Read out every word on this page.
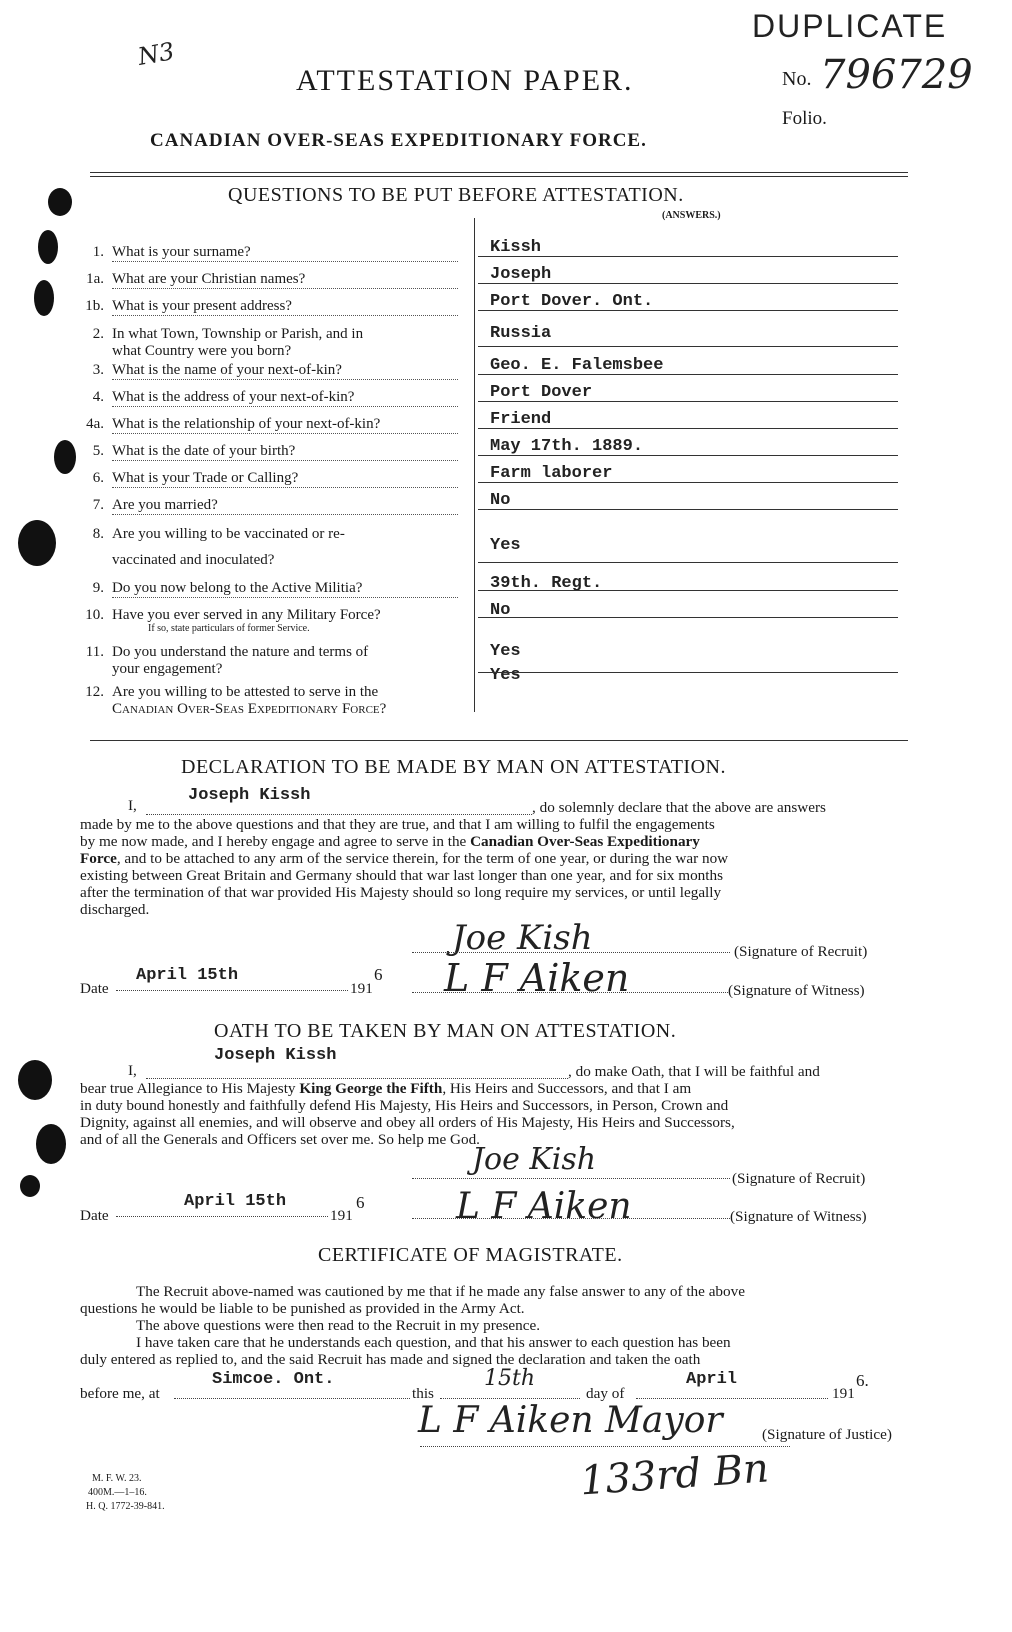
N3
DUPLICATE
ATTESTATION PAPER.	No. 796729
Folio.
CANADIAN OVER-SEAS EXPEDITIONARY FORCE.
QUESTIONS TO BE PUT BEFORE ATTESTATION.
(ANSWERS.)
1. What is your surname?	Kissh
1a. What are your Christian names?	Joseph
1b. What is your present address?	Port Dover. Ont.
2. In what Town, Township or Parish, and in
what Country were you born?
Russia
3. What is the name of your next-of-kin?	Geo. E. Falemsbee
4. What is the address of your next-of-kin?	Port Dover
4a. What is the relationship of your next-of-kin?	Friend
5. What is the date of your birth?	May 17th. 1889.
6. What is your Trade or Calling?	Farm laborer
7. Are you married?	No
8. Are you willing to be vaccinated or re-
vaccinated and inoculated?
Yes
9. Do you now belong to the Active Militia?	39th. Regt.
10. Have you ever served in any Military Force?
If so, state particulars of former Service.
No
11. Do you understand the nature and terms of
your engagement?
Yes
12. Are you willing to be attested to serve in the
Canadian Over-Seas Expeditionary Force?
Yes
DECLARATION TO BE MADE BY MAN ON ATTESTATION.
I,
Joseph Kissh
, do solemnly declare that the above are answers
made by me to the above questions and that they are true, and that I am willing to fulfil the engagements
by me now made, and I hereby engage and agree to serve in the Canadian Over-Seas Expeditionary
Force, and to be attached to any arm of the service therein, for the term of one year, or during the war now
existing between Great Britain and Germany should that war last longer than one year, and for six months
after the termination of that war provided His Majesty should so long require my services, or until legally
discharged.
Joe Kish	(Signature of Recruit)
Date
April 15th
191
6 L F Aiken	(Signature of Witness)
OATH TO BE TAKEN BY MAN ON ATTESTATION.
I,
Joseph Kissh
, do make Oath, that I will be faithful and
bear true Allegiance to His Majesty King George the Fifth, His Heirs and Successors, and that I am
in duty bound honestly and faithfully defend His Majesty, His Heirs and Successors, in Person, Crown and
Dignity, against all enemies, and will observe and obey all orders of His Majesty, His Heirs and Successors,
and of all the Generals and Officers set over me. So help me God.
Joe Kish
(Signature of Recruit)
Date
April 15th
191
6	L F Aiken	(Signature of Witness)
CERTIFICATE OF MAGISTRATE.
The Recruit above-named was cautioned by me that if he made any false answer to any of the above
questions he would be liable to be punished as provided in the Army Act.
The above questions were then read to the Recruit in my presence.
I have taken care that he understands each question, and that his answer to each question has been
duly entered as replied to, and the said Recruit has made and signed the declaration and taken the oath
before me, at
Simcoe. Ont.
this
15th
day of
April
191
6.
L F Aiken Mayor	(Signature of Justice)
133rd Bn
M. F. W. 23.
400M.—1–16.
H. Q. 1772-39-841.
